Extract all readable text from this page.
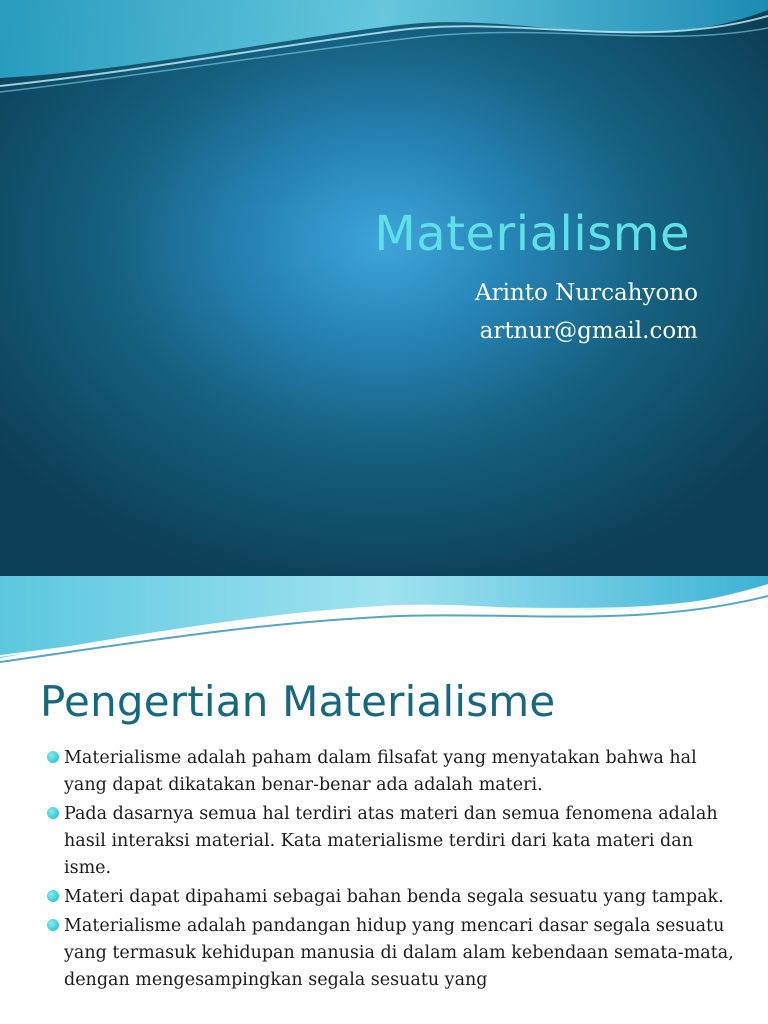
Materialisme
Arinto Nurcahyono
artnur@gmail.com
Pengertian Materialisme
Materialisme adalah paham dalam filsafat yang menyatakan bahwa hal yang dapat dikatakan benar-benar ada adalah materi.
Pada dasarnya semua hal terdiri atas materi dan semua fenomena adalah hasil interaksi material. Kata materialisme terdiri dari kata materi dan isme.
Materi dapat dipahami sebagai bahan benda segala sesuatu yang tampak.
Materialisme adalah pandangan hidup yang mencari dasar segala sesuatu yang termasuk kehidupan manusia di dalam alam kebendaan semata-mata, dengan mengesampingkan segala sesuatu yang
